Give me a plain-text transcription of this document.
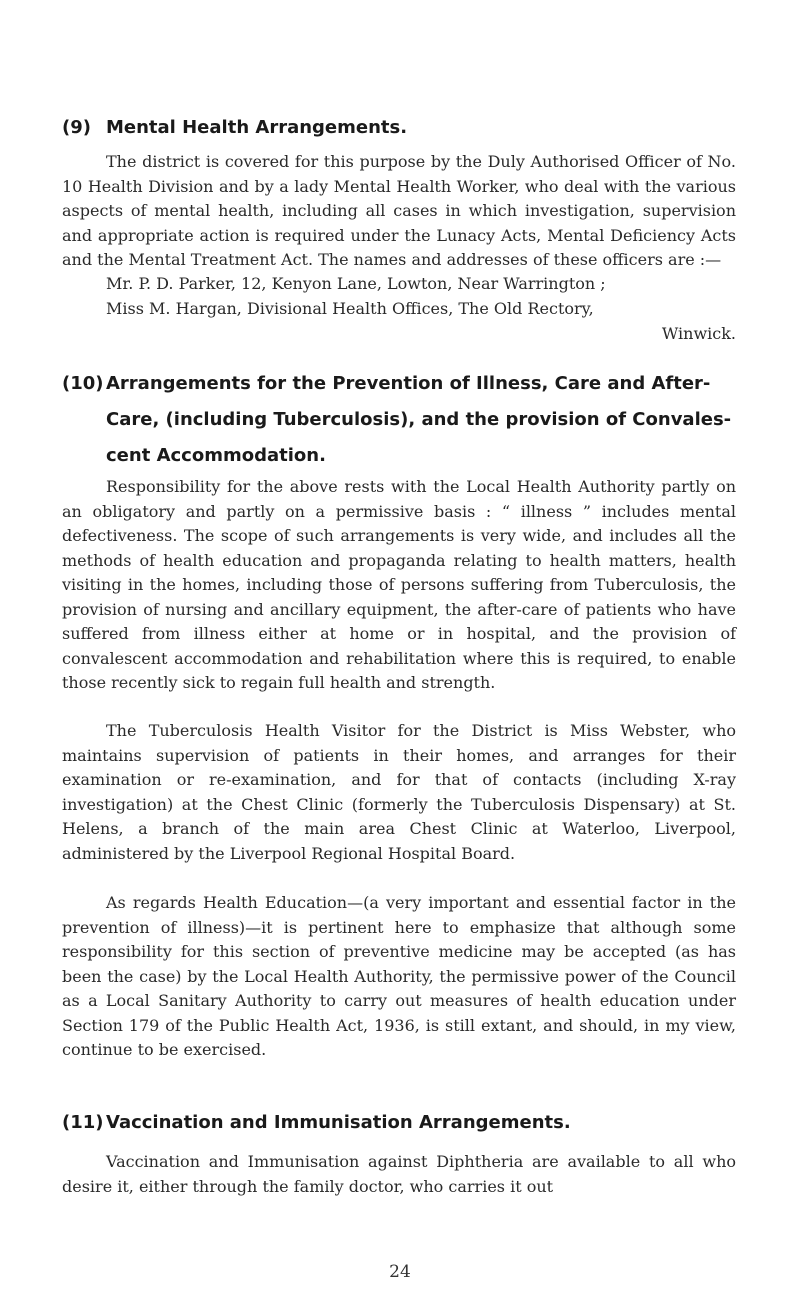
(9) Mental Health Arrangements.

The district is covered for this purpose by the Duly Authorised Officer of No. 10 Health Division and by a lady Mental Health Worker, who deal with the various aspects of mental health, including all cases in which investigation, supervision and appropriate action is required under the Lunacy Acts, Mental Deficiency Acts and the Mental Treatment Act. The names and addresses of these officers are :—

Mr. P. D. Parker, 12, Kenyon Lane, Lowton, Near Warrington ;

Miss M. Hargan, Divisional Health Offices, The Old Rectory,
Winwick.

(10) Arrangements for the Prevention of Illness, Care and After-
Care, (including Tuberculosis), and the provision of Convales-
cent Accommodation.

Responsibility for the above rests with the Local Health Authority partly on an obligatory and partly on a permissive basis : “ illness ” includes mental defectiveness. The scope of such arrangements is very wide, and includes all the methods of health education and propaganda relating to health matters, health visiting in the homes, including those of persons suffering from Tuberculosis, the provision of nursing and ancillary equipment, the after-care of patients who have suffered from illness either at home or in hospital, and the provision of convalescent accommodation and rehabilitation where this is required, to enable those recently sick to regain full health and strength.

The Tuberculosis Health Visitor for the District is Miss Webster, who maintains supervision of patients in their homes, and arranges for their examination or re-examination, and for that of contacts (including X-ray investigation) at the Chest Clinic (formerly the Tuberculosis Dispensary) at St. Helens, a branch of the main area Chest Clinic at Waterloo, Liverpool, administered by the Liverpool Regional Hospital Board.

As regards Health Education—(a very important and essential factor in the prevention of illness)—it is pertinent here to emphasize that although some responsibility for this section of preventive medicine may be accepted (as has been the case) by the Local Health Authority, the permissive power of the Council as a Local Sanitary Authority to carry out measures of health education under Section 179 of the Public Health Act, 1936, is still extant, and should, in my view, continue to be exercised.

(11) Vaccination and Immunisation Arrangements.

Vaccination and Immunisation against Diphtheria are available to all who desire it, either through the family doctor, who carries it out

24
